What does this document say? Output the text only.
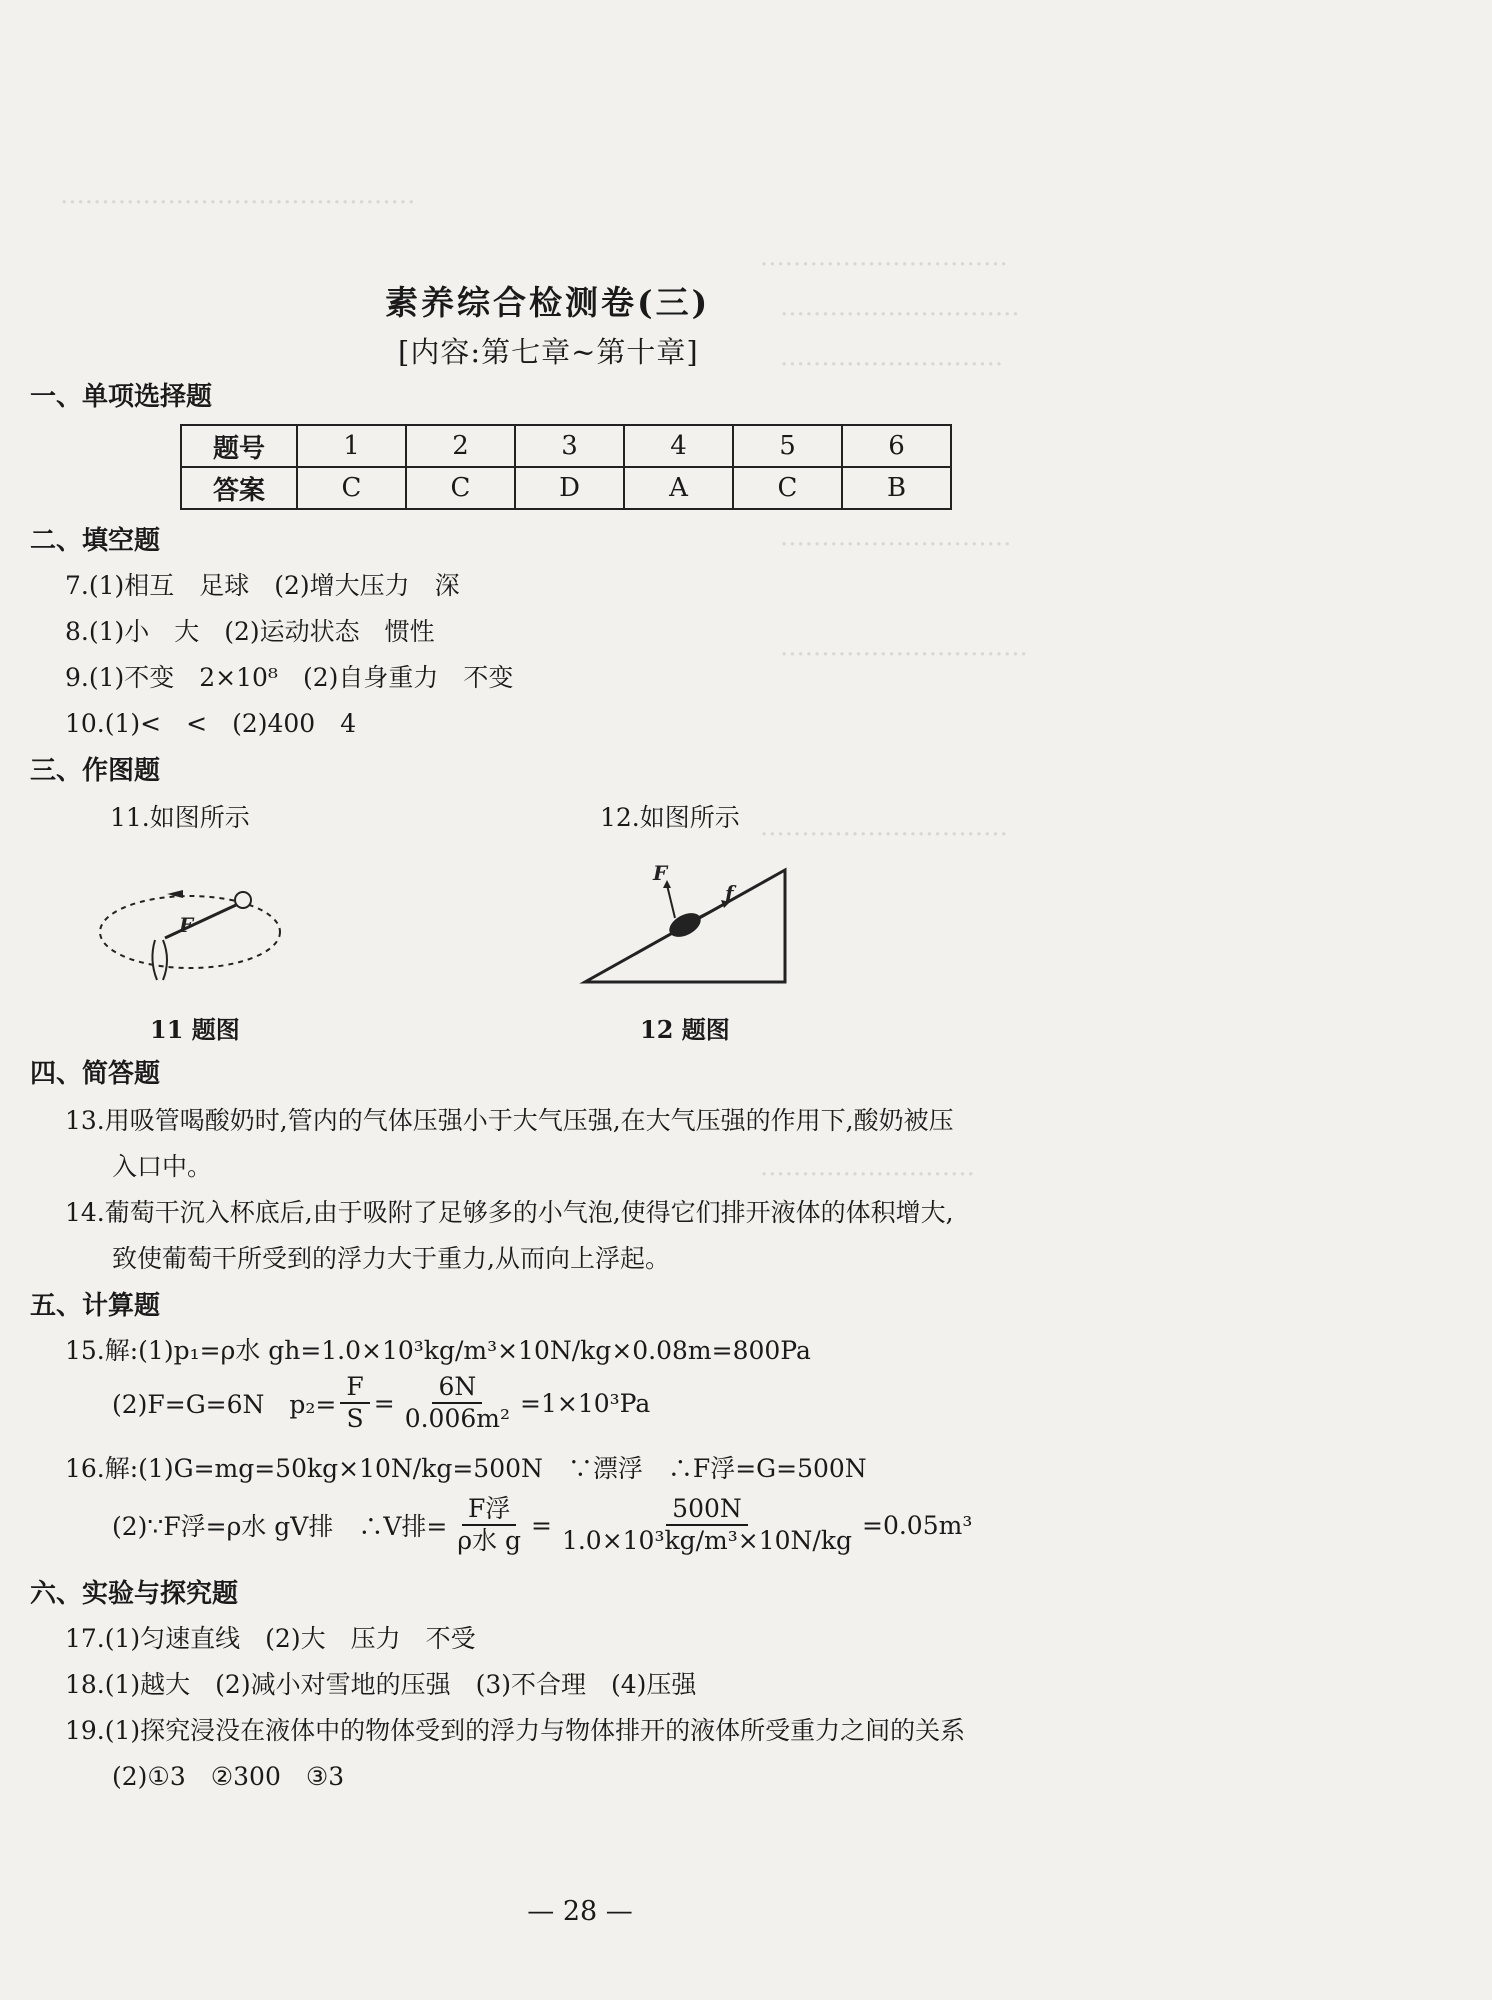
···········································
······························
·····························
···························
····························
······························
······························
··························
素养综合检测卷(三)
[内容:第七章~第十章]
一、单项选择题
题号	1	2	3	4	5	6
答案	C	C	D	A	C	B
二、填空题
7.(1)相互　足球　(2)增大压力　深
8.(1)小　大　(2)运动状态　惯性
9.(1)不变　2×10⁸　(2)自身重力　不变
10.(1)<　<　(2)400　4
三、作图题
11.如图所示	12.如图所示
F
11 题图
F
f
12 题图
四、简答题
13.用吸管喝酸奶时,管内的气体压强小于大气压强,在大气压强的作用下,酸奶被压
入口中。
14.葡萄干沉入杯底后,由于吸附了足够多的小气泡,使得它们排开液体的体积增大,
致使葡萄干所受到的浮力大于重力,从而向上浮起。
五、计算题
15.解:(1)p₁=ρ水 gh=1.0×10³kg/m³×10N/kg×0.08m=800Pa
(2)F=G=6N　$p_2= \frac{F}{S} = \frac{6N}{\text{0.006m²}} =1\times 10^3Pa$
16.解:(1)G=mg=50kg×10N/kg=500N　∵漂浮　∴F浮=G=500N
(2)∵F浮=ρ水 gV排　∴V排= $\frac{\text{F浮}}{\text{ρ水 g}} = \frac{500N}{\text{1.0×10³kg/m³×10N/kg}} =0.05m^3$
六、实验与探究题
17.(1)匀速直线　(2)大　压力　不受
18.(1)越大　(2)减小对雪地的压强　(3)不合理　(4)压强
19.(1)探究浸没在液体中的物体受到的浮力与物体排开的液体所受重力之间的关系
(2)①3　②300　③3
— 28 —
